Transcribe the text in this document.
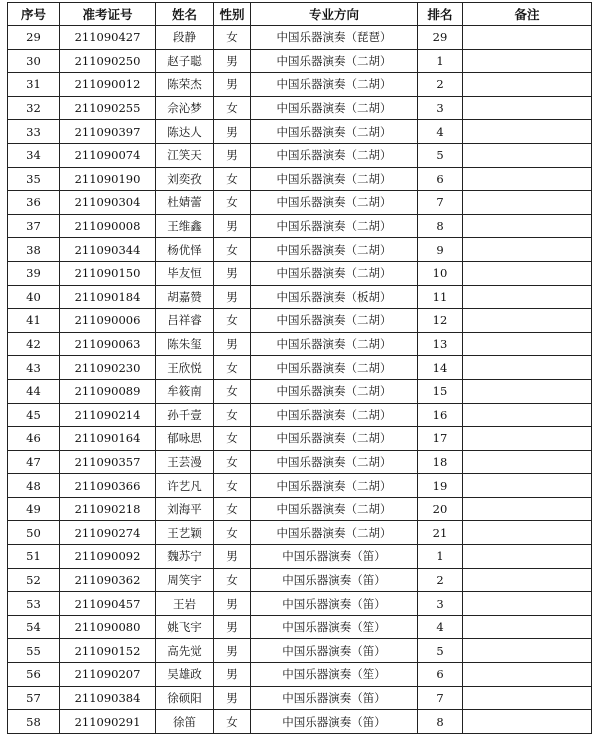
序号	准考证号	姓名	性别	专业方向	排名	备注
29	211090427	段静	女	中国乐器演奏（琵琶）	29	
30	211090250	赵子聪	男	中国乐器演奏（二胡）	1	
31	211090012	陈荣杰	男	中国乐器演奏（二胡）	2	
32	211090255	佘沁梦	女	中国乐器演奏（二胡）	3	
33	211090397	陈达人	男	中国乐器演奏（二胡）	4	
34	211090074	江笑天	男	中国乐器演奏（二胡）	5	
35	211090190	刘奕孜	女	中国乐器演奏（二胡）	6	
36	211090304	杜婧蕾	女	中国乐器演奏（二胡）	7	
37	211090008	王维鑫	男	中国乐器演奏（二胡）	8	
38	211090344	杨优怿	女	中国乐器演奏（二胡）	9	
39	211090150	毕友恒	男	中国乐器演奏（二胡）	10	
40	211090184	胡嘉赞	男	中国乐器演奏（板胡）	11	
41	211090006	吕祥睿	女	中国乐器演奏（二胡）	12	
42	211090063	陈朱玺	男	中国乐器演奏（二胡）	13	
43	211090230	王欣悦	女	中国乐器演奏（二胡）	14	
44	211090089	牟筱南	女	中国乐器演奏（二胡）	15	
45	211090214	孙千壹	女	中国乐器演奏（二胡）	16	
46	211090164	郁咏思	女	中国乐器演奏（二胡）	17	
47	211090357	王芸漫	女	中国乐器演奏（二胡）	18	
48	211090366	许艺凡	女	中国乐器演奏（二胡）	19	
49	211090218	刘海平	女	中国乐器演奏（二胡）	20	
50	211090274	王艺颖	女	中国乐器演奏（二胡）	21	
51	211090092	魏苏宁	男	中国乐器演奏（笛）	1	
52	211090362	周笑宇	女	中国乐器演奏（笛）	2	
53	211090457	王岩	男	中国乐器演奏（笛）	3	
54	211090080	姚飞宇	男	中国乐器演奏（笙）	4	
55	211090152	高先觉	男	中国乐器演奏（笛）	5	
56	211090207	吴雄政	男	中国乐器演奏（笙）	6	
57	211090384	徐硕阳	男	中国乐器演奏（笛）	7	
58	211090291	徐笛	女	中国乐器演奏（笛）	8	
